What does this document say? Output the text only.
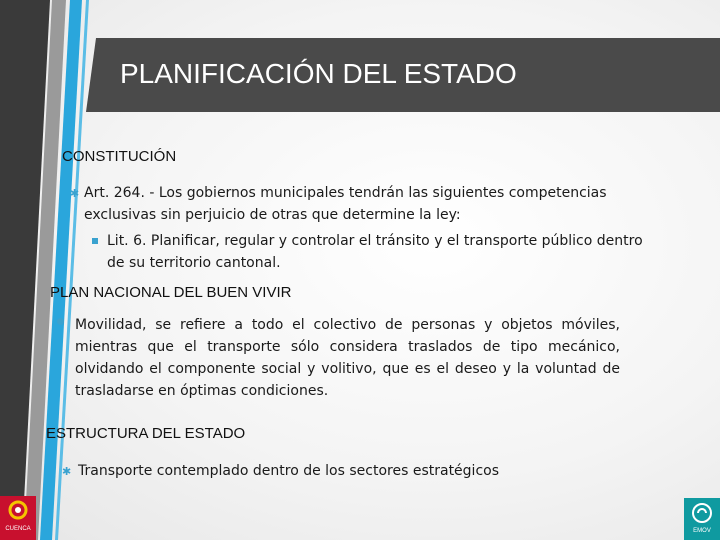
PLANIFICACIÓN DEL ESTADO
CONSTITUCIÓN
✱ Art. 264. - Los gobiernos municipales tendrán las siguientes competencias exclusivas sin perjuicio de otras que determine la ley:
Lit. 6. Planificar, regular y controlar el tránsito y el transporte público dentro de su territorio cantonal.
PLAN NACIONAL DEL BUEN VIVIR
Movilidad, se refiere a todo el colectivo de personas y objetos móviles, mientras que el transporte sólo considera traslados de tipo mecánico, olvidando el componente social y volitivo, que es el deseo y la voluntad de trasladarse en óptimas condiciones.
ESTRUCTURA DEL ESTADO
✱ Transporte contemplado dentro de los sectores estratégicos
CUENCA	EMOV
